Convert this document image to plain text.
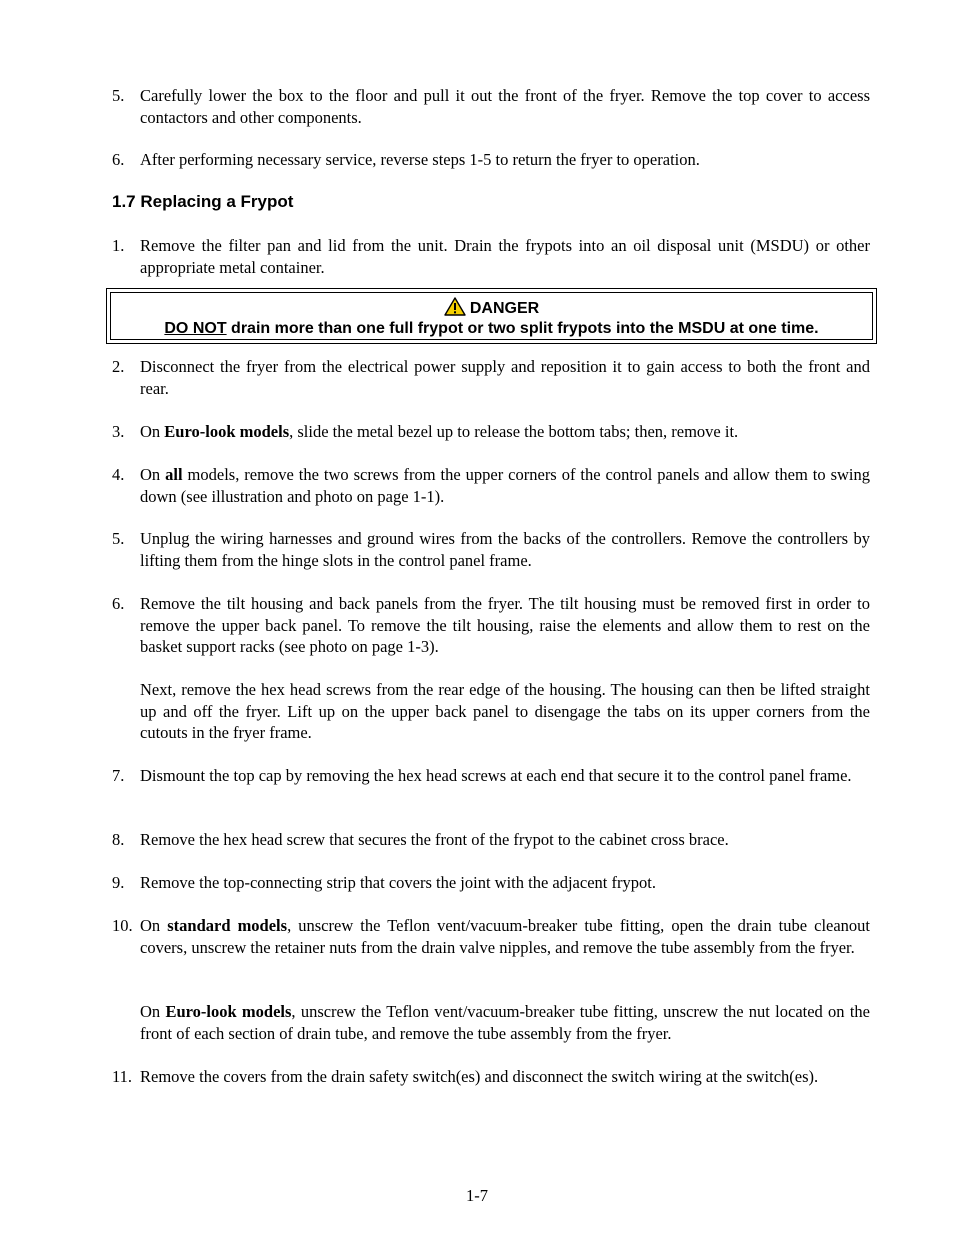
5. Carefully lower the box to the floor and pull it out the front of the fryer. Remove the top cover to access contactors and other components.
6. After performing necessary service, reverse steps 1-5 to return the fryer to operation.
1.7 Replacing a Frypot
1. Remove the filter pan and lid from the unit. Drain the frypots into an oil disposal unit (MSDU) or other appropriate metal container.
DANGER
DO NOT drain more than one full frypot or two split frypots into the MSDU at one time.
2. Disconnect the fryer from the electrical power supply and reposition it to gain access to both the front and rear.
3. On Euro-look models, slide the metal bezel up to release the bottom tabs; then, remove it.
4. On all models, remove the two screws from the upper corners of the control panels and allow them to swing down (see illustration and photo on page 1-1).
5. Unplug the wiring harnesses and ground wires from the backs of the controllers. Remove the controllers by lifting them from the hinge slots in the control panel frame.
6. Remove the tilt housing and back panels from the fryer. The tilt housing must be removed first in order to remove the upper back panel. To remove the tilt housing, raise the elements and allow them to rest on the basket support racks (see photo on page 1-3).
Next, remove the hex head screws from the rear edge of the housing. The housing can then be lifted straight up and off the fryer. Lift up on the upper back panel to disengage the tabs on its upper corners from the cutouts in the fryer frame.
7. Dismount the top cap by removing the hex head screws at each end that secure it to the control panel frame.
8. Remove the hex head screw that secures the front of the frypot to the cabinet cross brace.
9. Remove the top-connecting strip that covers the joint with the adjacent frypot.
10. On standard models, unscrew the Teflon vent/vacuum-breaker tube fitting, open the drain tube cleanout covers, unscrew the retainer nuts from the drain valve nipples, and remove the tube assembly from the fryer.
On Euro-look models, unscrew the Teflon vent/vacuum-breaker tube fitting, unscrew the nut located on the front of each section of drain tube, and remove the tube assembly from the fryer.
11. Remove the covers from the drain safety switch(es) and disconnect the switch wiring at the switch(es).
1-7
